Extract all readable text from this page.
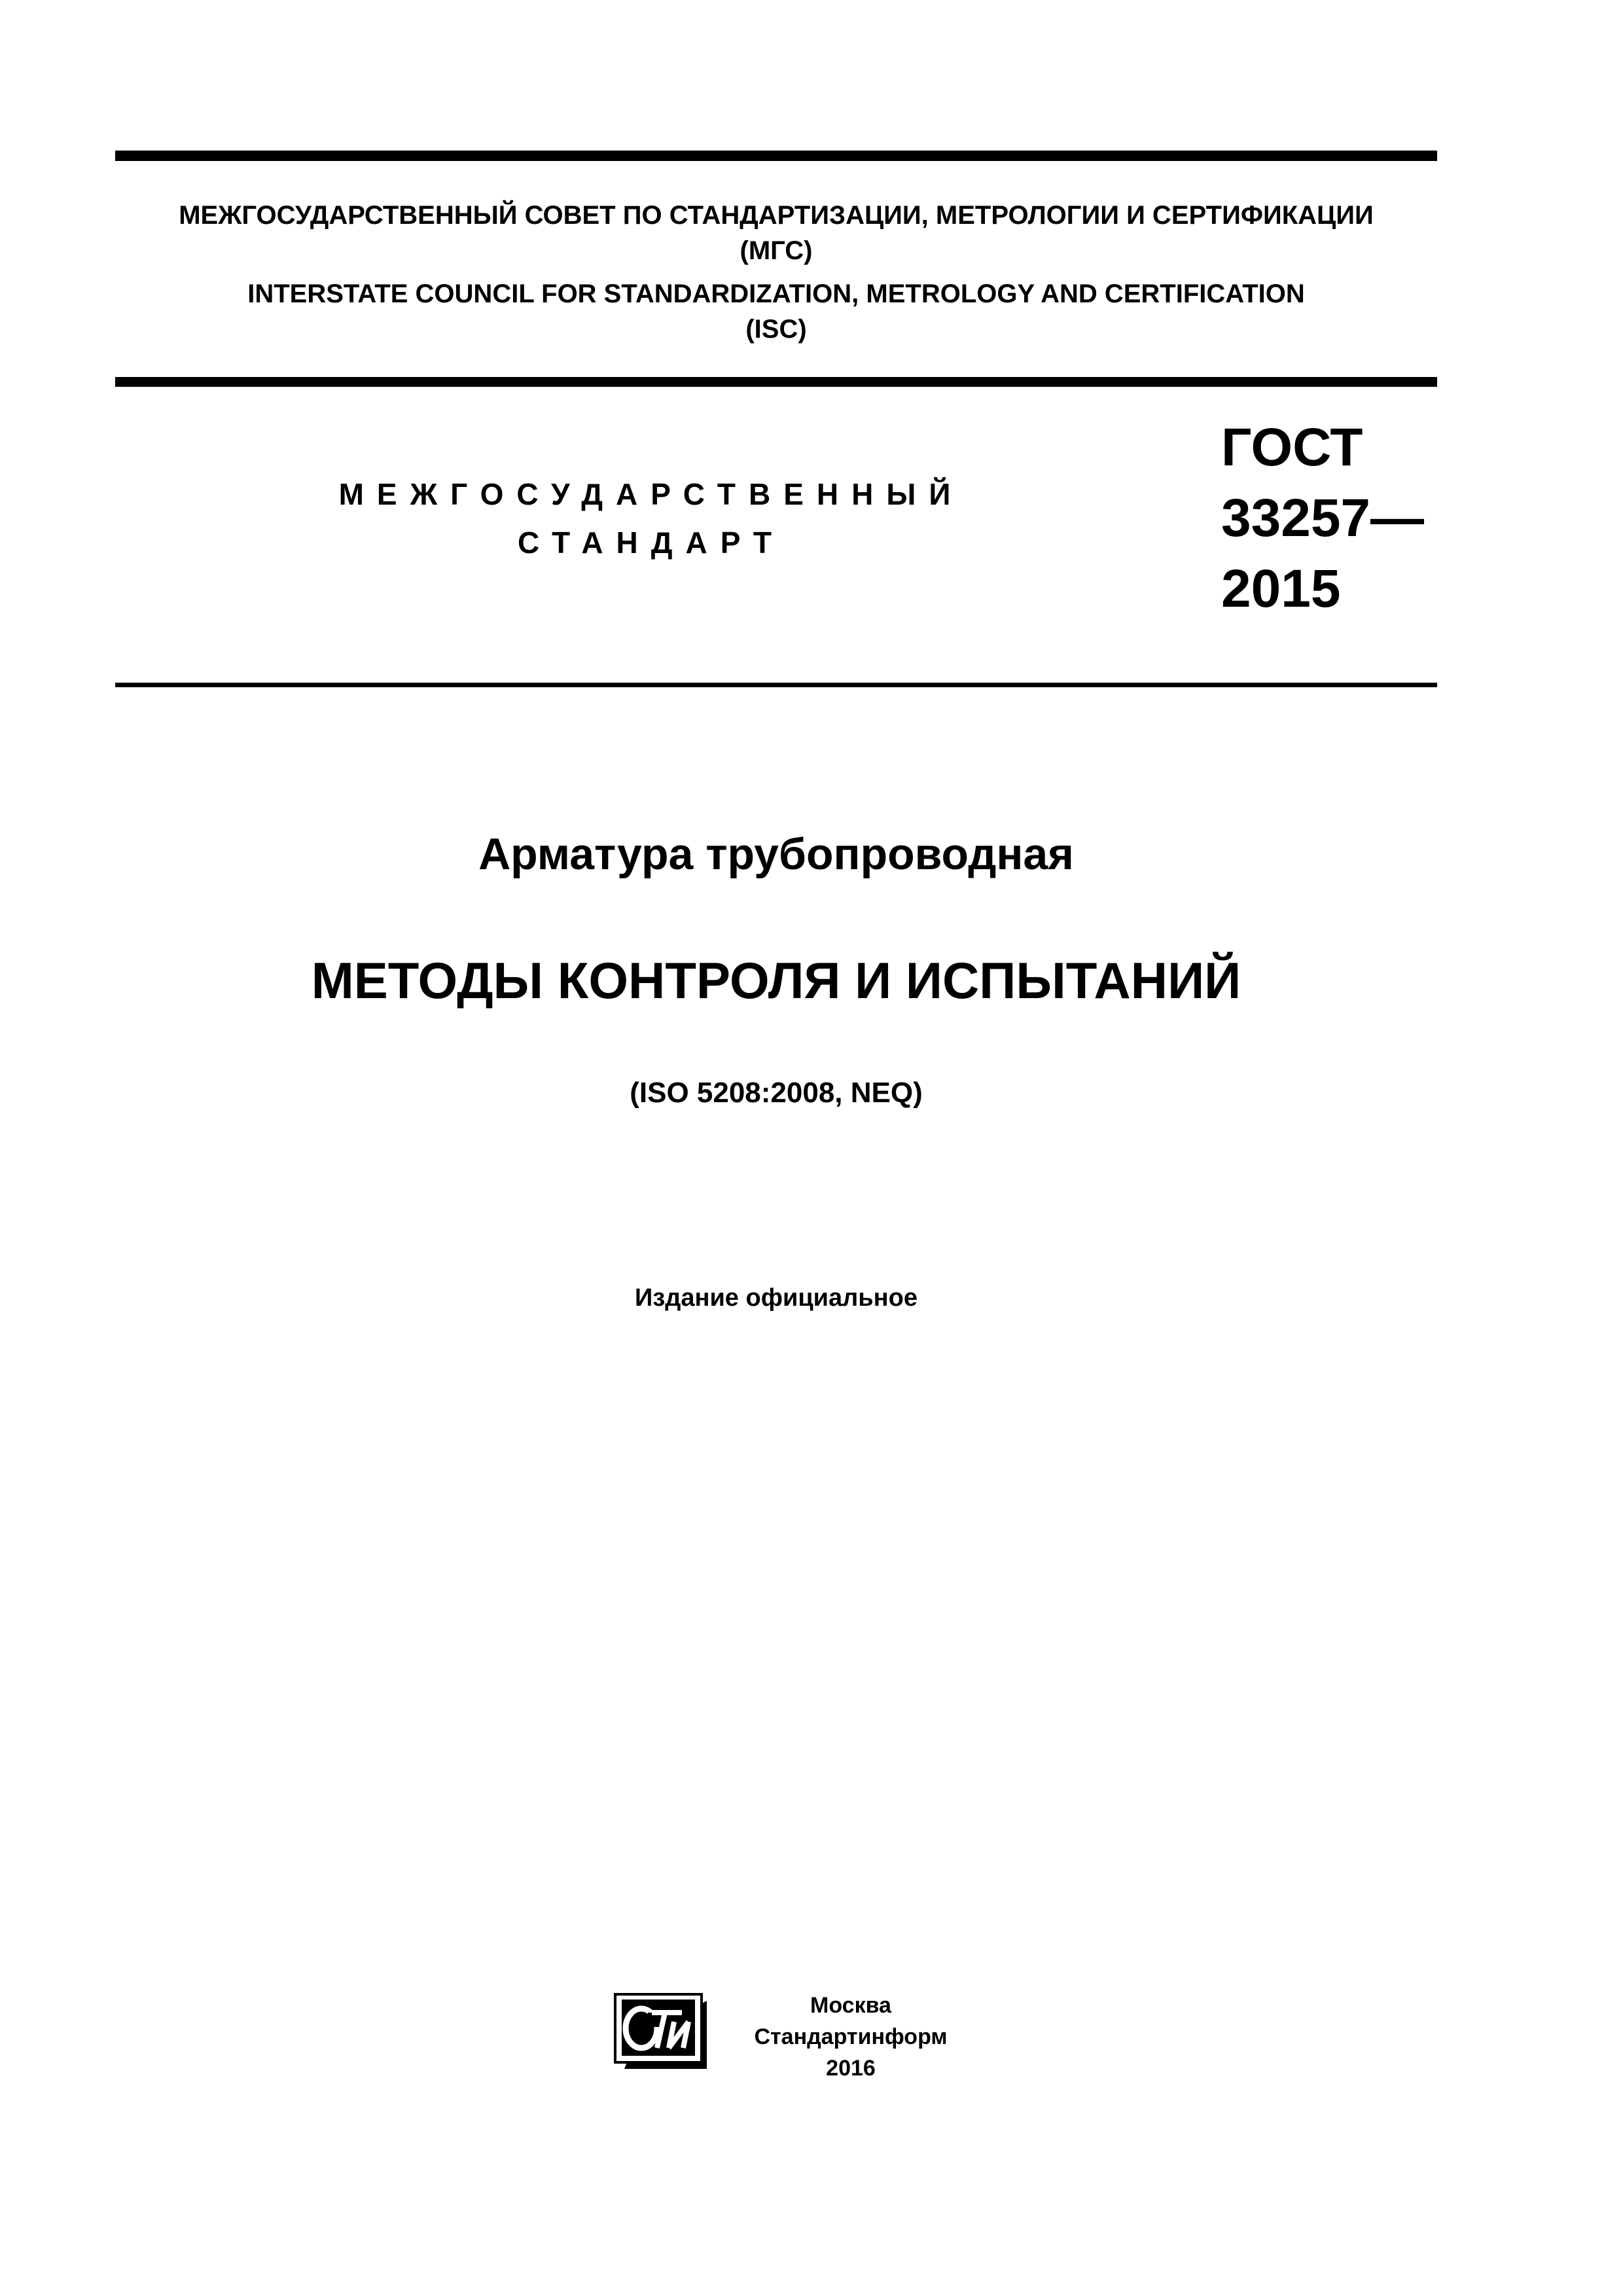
МЕЖГОСУДАРСТВЕННЫЙ СОВЕТ ПО СТАНДАРТИЗАЦИИ, МЕТРОЛОГИИ И СЕРТИФИКАЦИИ
(МГС)
INTERSTATE COUNCIL FOR STANDARDIZATION, METROLOGY AND CERTIFICATION
(ISC)
МЕЖГОСУДАРСТВЕННЫЙ
СТАНДАРТ
ГОСТ
33257—
2015
Арматура трубопроводная
МЕТОДЫ КОНТРОЛЯ И ИСПЫТАНИЙ
(ISO 5208:2008, NEQ)
Издание официальное
Москва
Стандартинформ
2016
